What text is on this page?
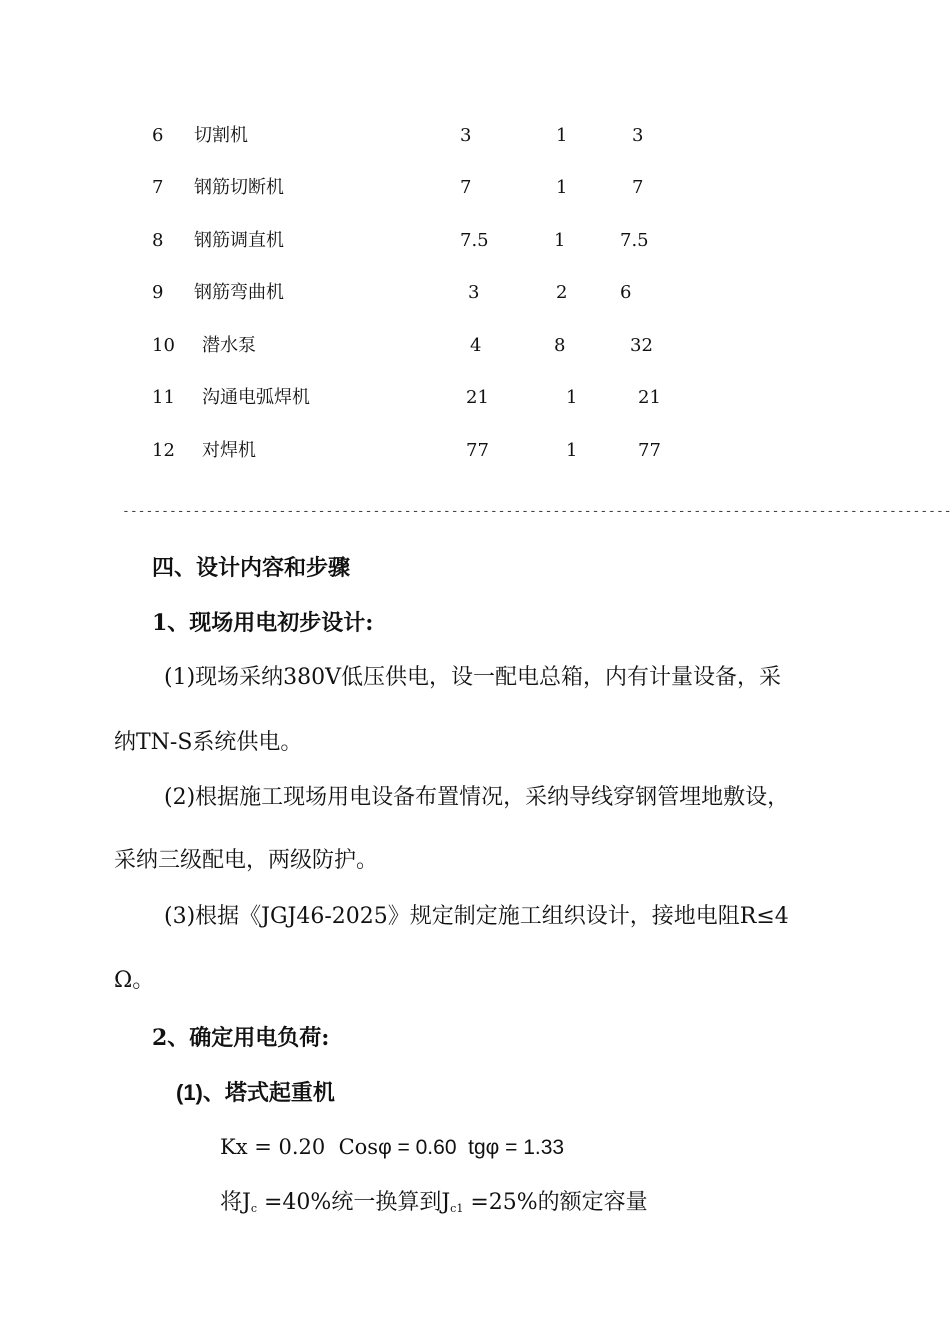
6 切割机	3	1	3
7 钢筋切断机	7	1	7
8 钢筋调直机	7.5	1	7.5
9 钢筋弯曲机	3	2	6
10 潜水泵	4	8	32
11 沟通电弧焊机	21	1	21
12 对焊机	77	1	77
----------------------------------------------------------------------------------------------------------
四、设计内容和步骤
1、现场用电初步设计:
(1)现场采纳380V低压供电，设一配电总箱，内有计量设备，采
纳TN-S系统供电。
(2)根据施工现场用电设备布置情况，采纳导线穿钢管埋地敷设，
采纳三级配电，两级防护。
(3)根据《JGJ46-2025》规定制定施工组织设计，接地电阻R≤4
Ω。
2、确定用电负荷:
(1)、塔式起重机
Kx = 0.20  Cosφ = 0.60  tgφ = 1.33
将$J_c =40\%$统一换算到$J_{c1} =25\%$的额定容量
